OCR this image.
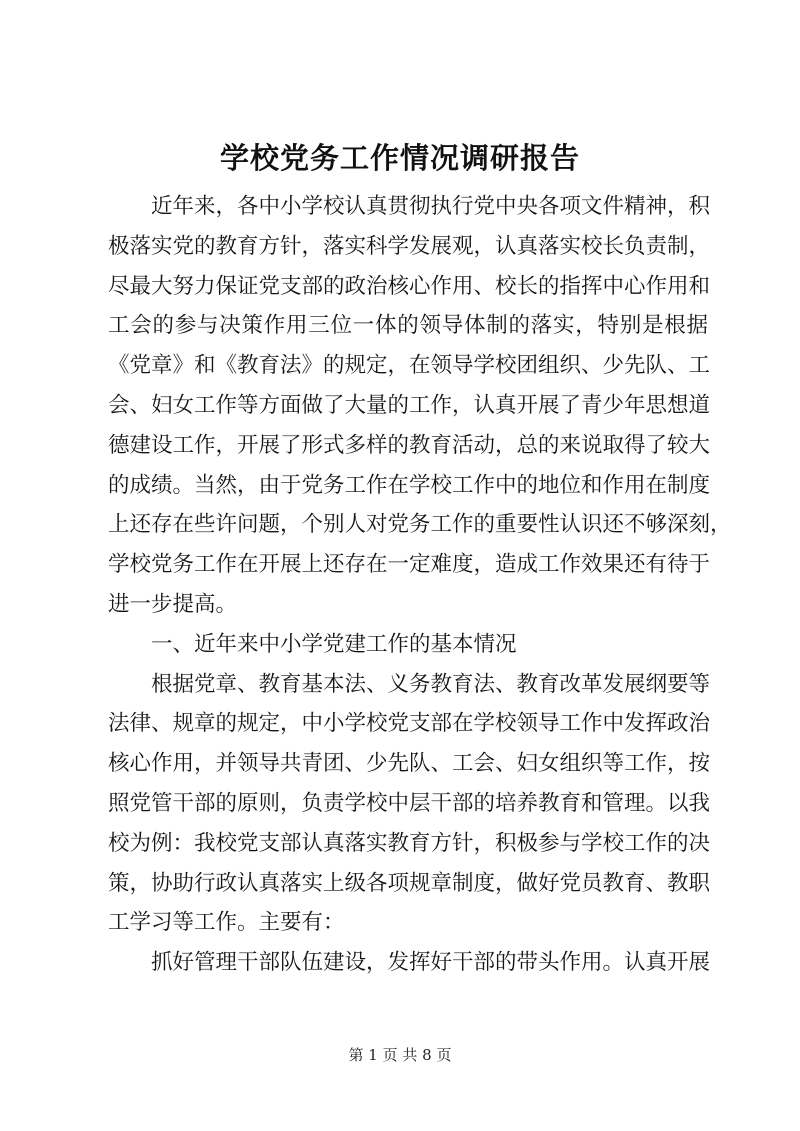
学校党务工作情况调研报告
近年来，各中小学校认真贯彻执行党中央各项文件精神，积
极落实党的教育方针，落实科学发展观，认真落实校长负责制，
尽最大努力保证党支部的政治核心作用、校长的指挥中心作用和
工会的参与决策作用三位一体的领导体制的落实，特别是根据
《党章》和《教育法》的规定，在领导学校团组织、少先队、工
会、妇女工作等方面做了大量的工作，认真开展了青少年思想道
德建设工作，开展了形式多样的教育活动，总的来说取得了较大
的成绩。当然，由于党务工作在学校工作中的地位和作用在制度
上还存在些许问题，个别人对党务工作的重要性认识还不够深刻，
学校党务工作在开展上还存在一定难度，造成工作效果还有待于
进一步提高。
一、近年来中小学党建工作的基本情况
根据党章、教育基本法、义务教育法、教育改革发展纲要等
法律、规章的规定，中小学校党支部在学校领导工作中发挥政治
核心作用，并领导共青团、少先队、工会、妇女组织等工作，按
照党管干部的原则，负责学校中层干部的培养教育和管理。以我
校为例：我校党支部认真落实教育方针，积极参与学校工作的决
策，协助行政认真落实上级各项规章制度，做好党员教育、教职
工学习等工作。主要有：
抓好管理干部队伍建设，发挥好干部的带头作用。认真开展
第 1 页 共 8 页
